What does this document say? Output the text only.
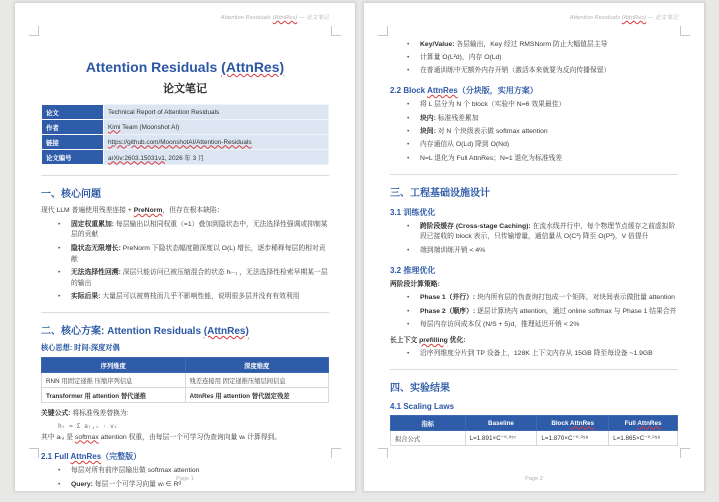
Attention Residuals (AttnRes) — 论文笔记
Attention Residuals (AttnRes)
论文笔记
论文	Technical Report of Attention Residuals
作者	Kimi Team (Moonshot AI)
链接	https://github.com/MoonshotAI/Attention-Residuals
论文编号	arXiv:2603.15031v1, 2026 年 3 月
一、核心问题

现代 LLM 普遍使用残差连接 + PreNorm，但存在根本缺陷：

• 固定权重累加: 每层输出以相同权重（=1）叠加到隐状态中，无法选择性强调或抑制某层的贡献
• 隐状态无限增长: PreNorm 下隐状态幅度随深度以 O(L) 增长，逐步稀释每层的相对贡献
• 无法选择性回溯: 深层只能访问已被压缩混合的状态 hₗ₋₁ ，无法选择性检索早期某一层的输出
• 实际后果: 大量层可以被剪枝而几乎不影响性能，说明很多层并没有有效利用
二、核心方案: Attention Residuals (AttnRes)
核心思想: 时间-深度对偶
序列维度	深度维度
RNN 用固定递推 压缩序列信息	残差连接用 固定递推压缩层间信息
Transformer 用 attention 替代递推	AttnRes 用 attention 替代固定残差

关键公式: 将标准残差替换为:

hₗ = Σ aₗ,ᵢ · vᵢ

其中 aₗ,ᵢ 是 softmax attention 权重，由每层一个可学习伪查询向量 wₗ 计算得到。

2.1 Full AttnRes（完整版）
• 每层对所有前序层输出做 softmax attention
• Query: 每层一个可学习向量 wₗ ∈ Rᵈ
Page 1
Attention Residuals (AttnRes) — 论文笔记
• Key/Value: 各层输出，Key 经过 RMSNorm 防止大幅值层主导
• 计算量 O(L²d)，内存 O(Ld)
• 在普通训练中无额外内存开销（激活本来就要为反向传播保留）
2.2 Block AttnRes（分块版，实用方案）
• 将 L 层分为 N 个 block（实验中 N=6 效果最佳）
• 块内: 标准残差累加
• 块间: 对 N 个块级表示做 softmax attention
• 内存通信从 O(Ld) 降到 O(Nd)
• N=L 退化为 Full AttnRes；N=1 退化为标准残差
三、工程基础设施设计
3.1 训练优化
• 跨阶段缓存 (Cross-stage Caching): 在流水线并行中，每个物理节点缓存之前虚拟阶段已接收的 block 表示，只传输增量，通信量从 O(C²) 降至 O(P²)，V 倍提升
• 端到端训练开销 < 4%
3.2 推理优化

两阶段计算策略:

• Phase 1（并行）: 块内所有层的伪查询打包成一个矩阵，对块间表示做批量 attention
• Phase 2（顺序）: 逐层计算块内 attention，通过 online softmax 与 Phase 1 结果合并
• 每层内存访问成本仅 (N/S + 5)d，推理延迟开销 < 2%

长上下文 prefilling 优化:

• 沿序列维度分片到 TP 设备上，128K 上下文内存从 15GB 降至每设备 ~1.9GB
四、实验结果
4.1 Scaling Laws
指标	Baseline	Block AttnRes	Full AttnRes
拟合公式	L=1.891×C⁻⁰·⁰⁵⁷	L=1.870×C⁻⁰·⁰⁵⁸	L=1.865×C⁻⁰·⁰⁵⁸
Page 2
